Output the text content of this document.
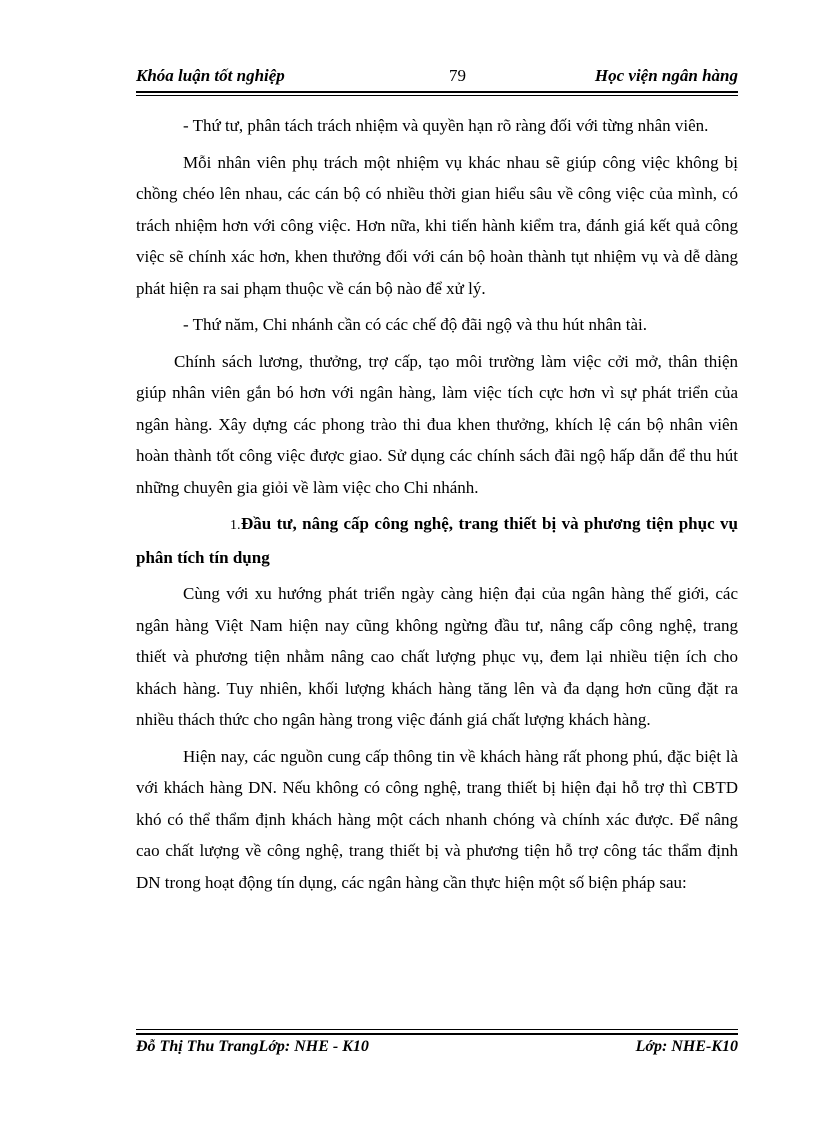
Khóa luận tốt nghiệp	79	Học viện ngân hàng

- Thứ tư, phân tách trách nhiệm và quyền hạn rõ ràng đối với từng nhân viên.

Mỗi nhân viên phụ trách một nhiệm vụ khác nhau sẽ giúp công việc không bị chồng chéo lên nhau, các cán bộ có nhiều thời gian hiểu sâu về công việc của mình, có trách nhiệm hơn với công việc. Hơn nữa, khi tiến hành kiểm tra, đánh giá kết quả công việc sẽ chính xác hơn, khen thưởng đối với cán bộ hoàn thành tụt nhiệm vụ và dễ dàng phát hiện ra sai phạm thuộc về cán bộ nào để xử lý.

- Thứ năm, Chi nhánh cần có các chế độ đãi ngộ và thu hút nhân tài.

Chính sách lương, thưởng, trợ cấp, tạo môi trường làm việc cởi mở, thân thiện giúp nhân viên gắn bó hơn với ngân hàng, làm việc tích cực hơn vì sự phát triển của ngân hàng. Xây dựng các phong trào thi đua khen thưởng, khích lệ cán bộ nhân viên hoàn thành tốt công việc được giao. Sử dụng các chính sách đãi ngộ hấp dẫn để thu hút những chuyên gia giỏi về làm việc cho Chi nhánh.

1.Đầu tư, nâng cấp công nghệ, trang thiết bị và phương tiện phục vụ phân tích tín dụng

Cùng với xu hướng phát triển ngày càng hiện đại của ngân hàng thế giới, các ngân hàng Việt Nam hiện nay cũng không ngừng đầu tư, nâng cấp công nghệ, trang thiết và phương tiện nhằm nâng cao chất lượng phục vụ, đem lại nhiều tiện ích cho khách hàng. Tuy nhiên, khối lượng khách hàng tăng lên và đa dạng hơn cũng đặt ra nhiều thách thức cho ngân hàng trong việc đánh giá chất lượng khách hàng.

Hiện nay, các nguồn cung cấp thông tin về khách hàng rất phong phú, đặc biệt là với khách hàng DN. Nếu không có công nghệ, trang thiết bị hiện đại hỗ trợ thì CBTD khó có thể thẩm định khách hàng một cách nhanh chóng và chính xác được. Để nâng cao chất lượng về công nghệ, trang thiết bị và phương tiện hỗ trợ công tác thẩm định DN trong hoạt động tín dụng, các ngân hàng cần thực hiện một số biện pháp sau:

Đỗ Thị Thu TrangLớp: NHE - K10	Lớp: NHE-K10
